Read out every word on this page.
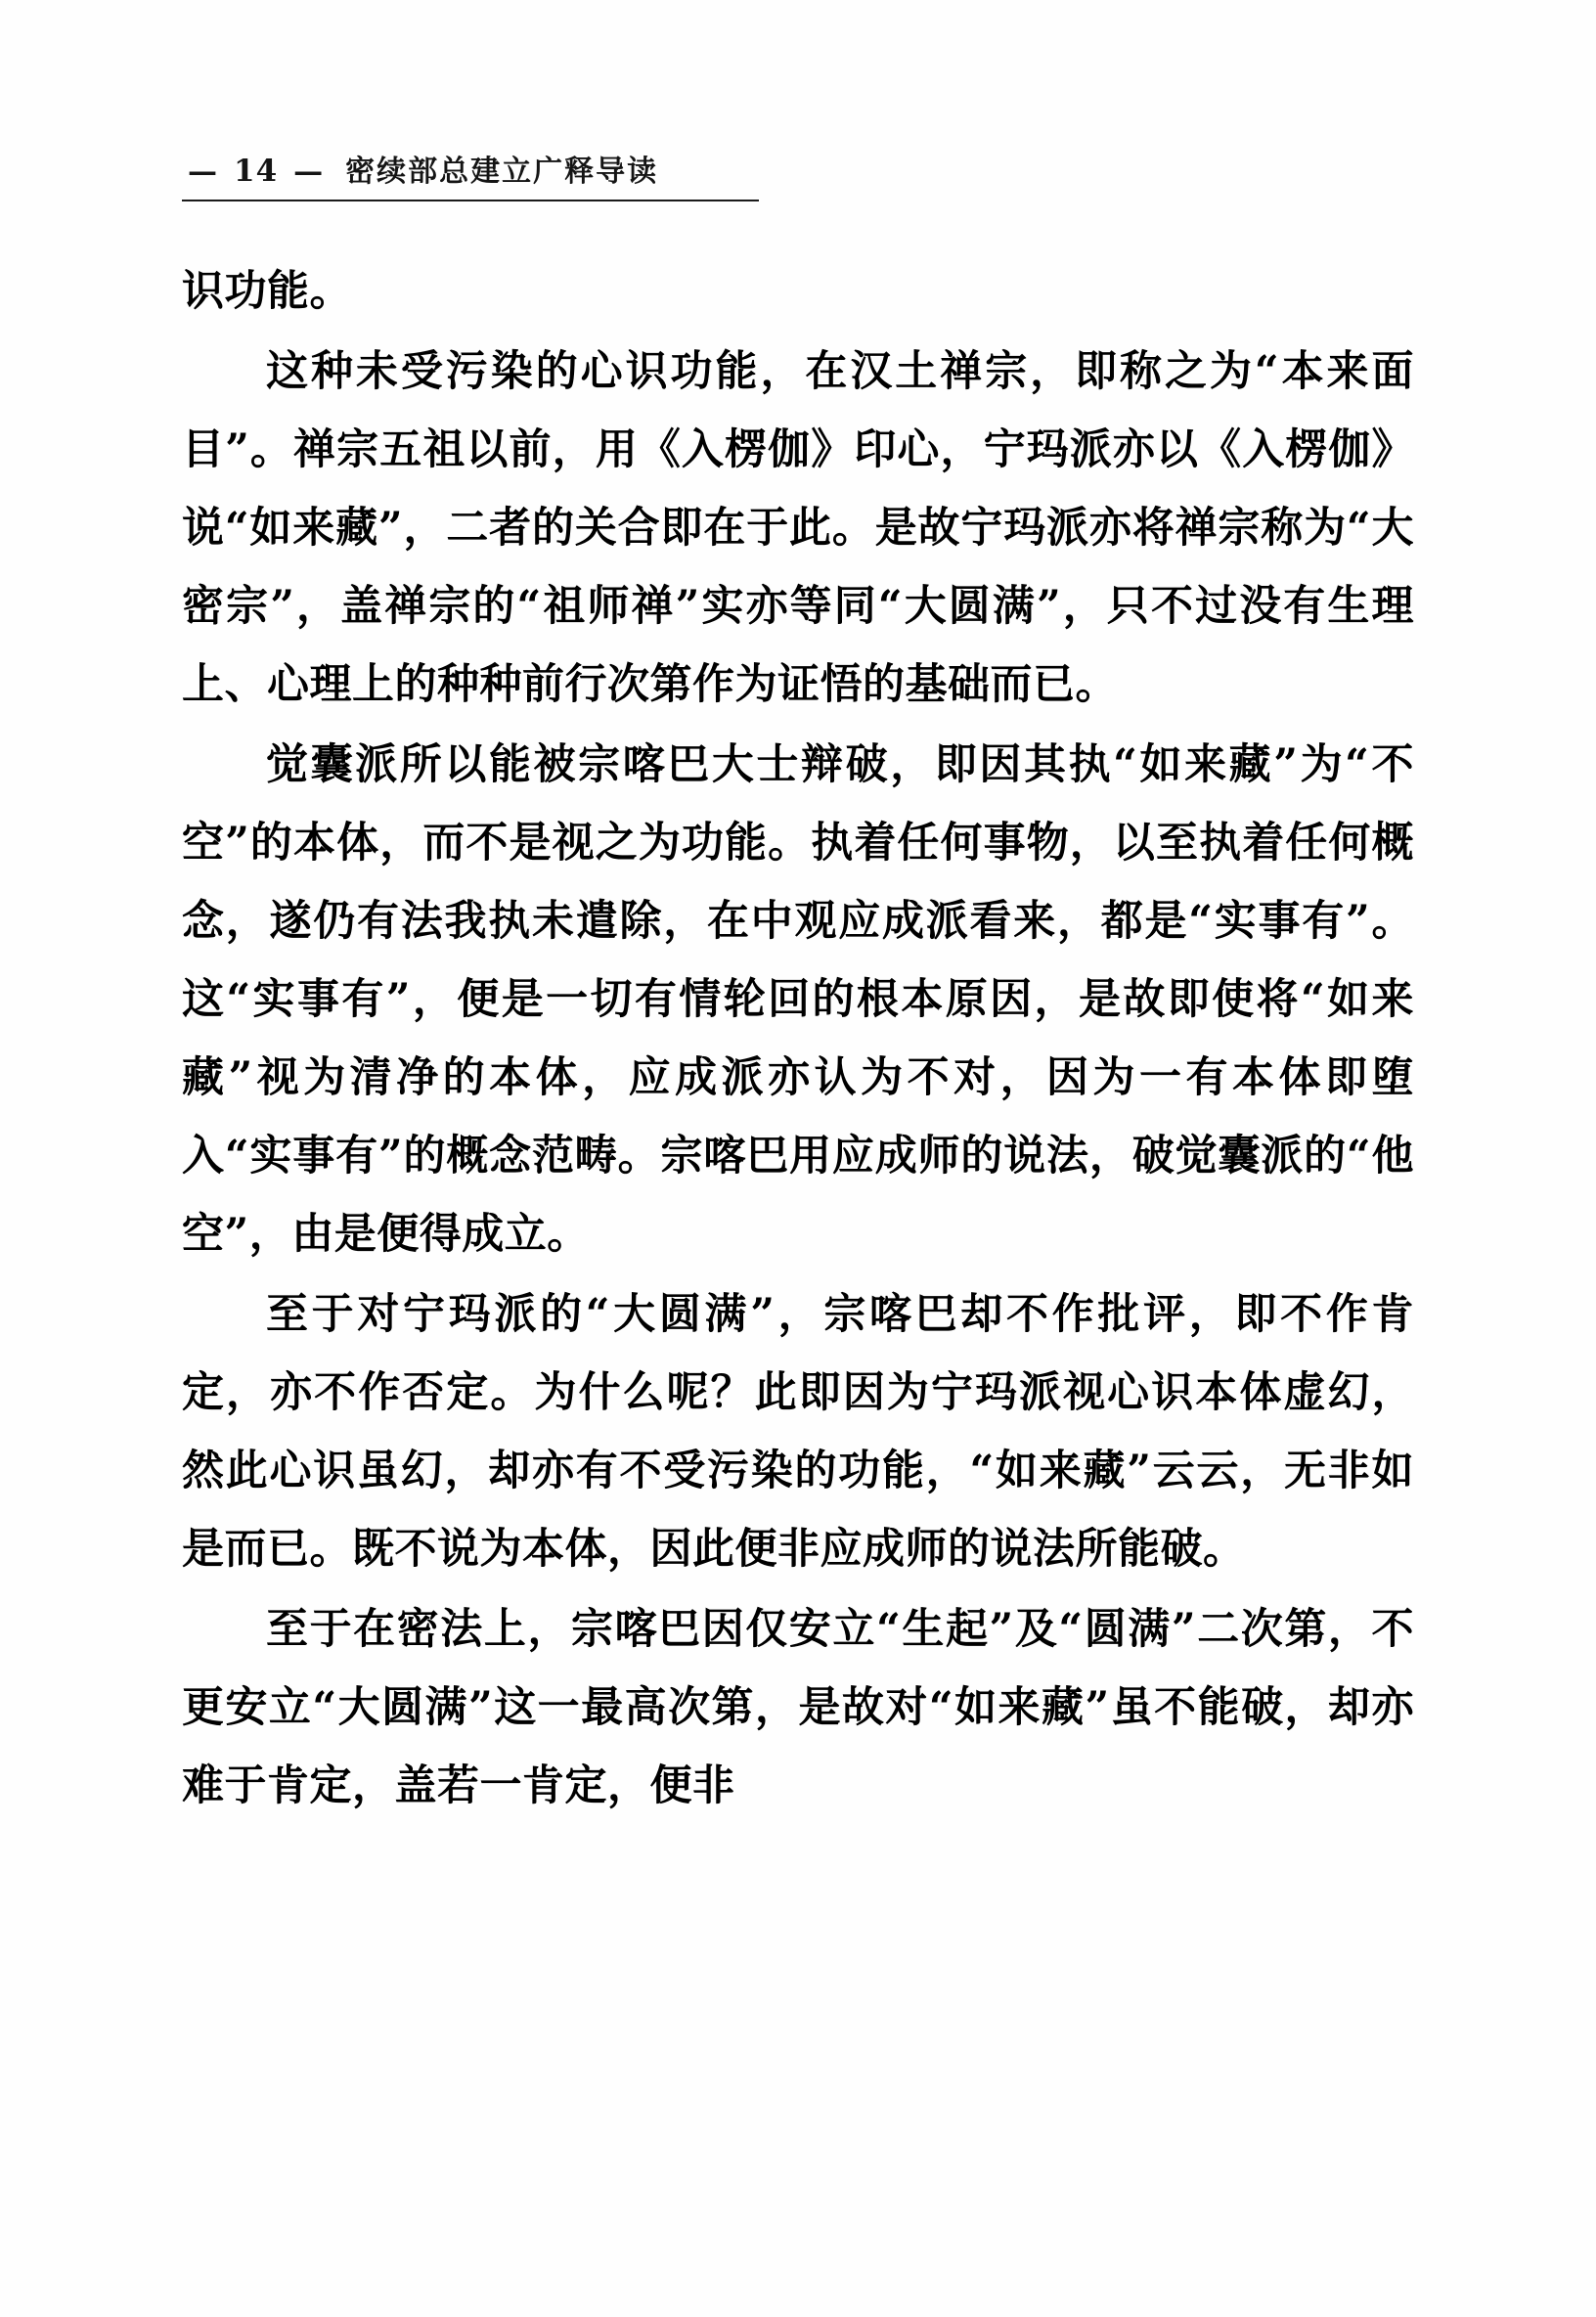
— 14 — 密续部总建立广释导读

识功能。

这种未受污染的心识功能，在汉土禅宗，即称之为“本来面目”。禅宗五祖以前，用《入楞伽》印心，宁玛派亦以《入楞伽》说“如来藏”，二者的关合即在于此。是故宁玛派亦将禅宗称为“大密宗”，盖禅宗的“祖师禅”实亦等同“大圆满”，只不过没有生理上、心理上的种种前行次第作为证悟的基础而已。

觉囊派所以能被宗喀巴大士辩破，即因其执“如来藏”为“不空”的本体，而不是视之为功能。执着任何事物，以至执着任何概念，遂仍有法我执未遣除，在中观应成派看来，都是“实事有”。这“实事有”，便是一切有情轮回的根本原因，是故即使将“如来藏”视为清净的本体，应成派亦认为不对，因为一有本体即堕入“实事有”的概念范畴。宗喀巴用应成师的说法，破觉囊派的“他空”，由是便得成立。

至于对宁玛派的“大圆满”，宗喀巴却不作批评，即不作肯定，亦不作否定。为什么呢？此即因为宁玛派视心识本体虚幻，然此心识虽幻，却亦有不受污染的功能，“如来藏”云云，无非如是而已。既不说为本体，因此便非应成师的说法所能破。

至于在密法上，宗喀巴因仅安立“生起”及“圆满”二次第，不更安立“大圆满”这一最高次第，是故对“如来藏”虽不能破，却亦难于肯定，盖若一肯定，便非
